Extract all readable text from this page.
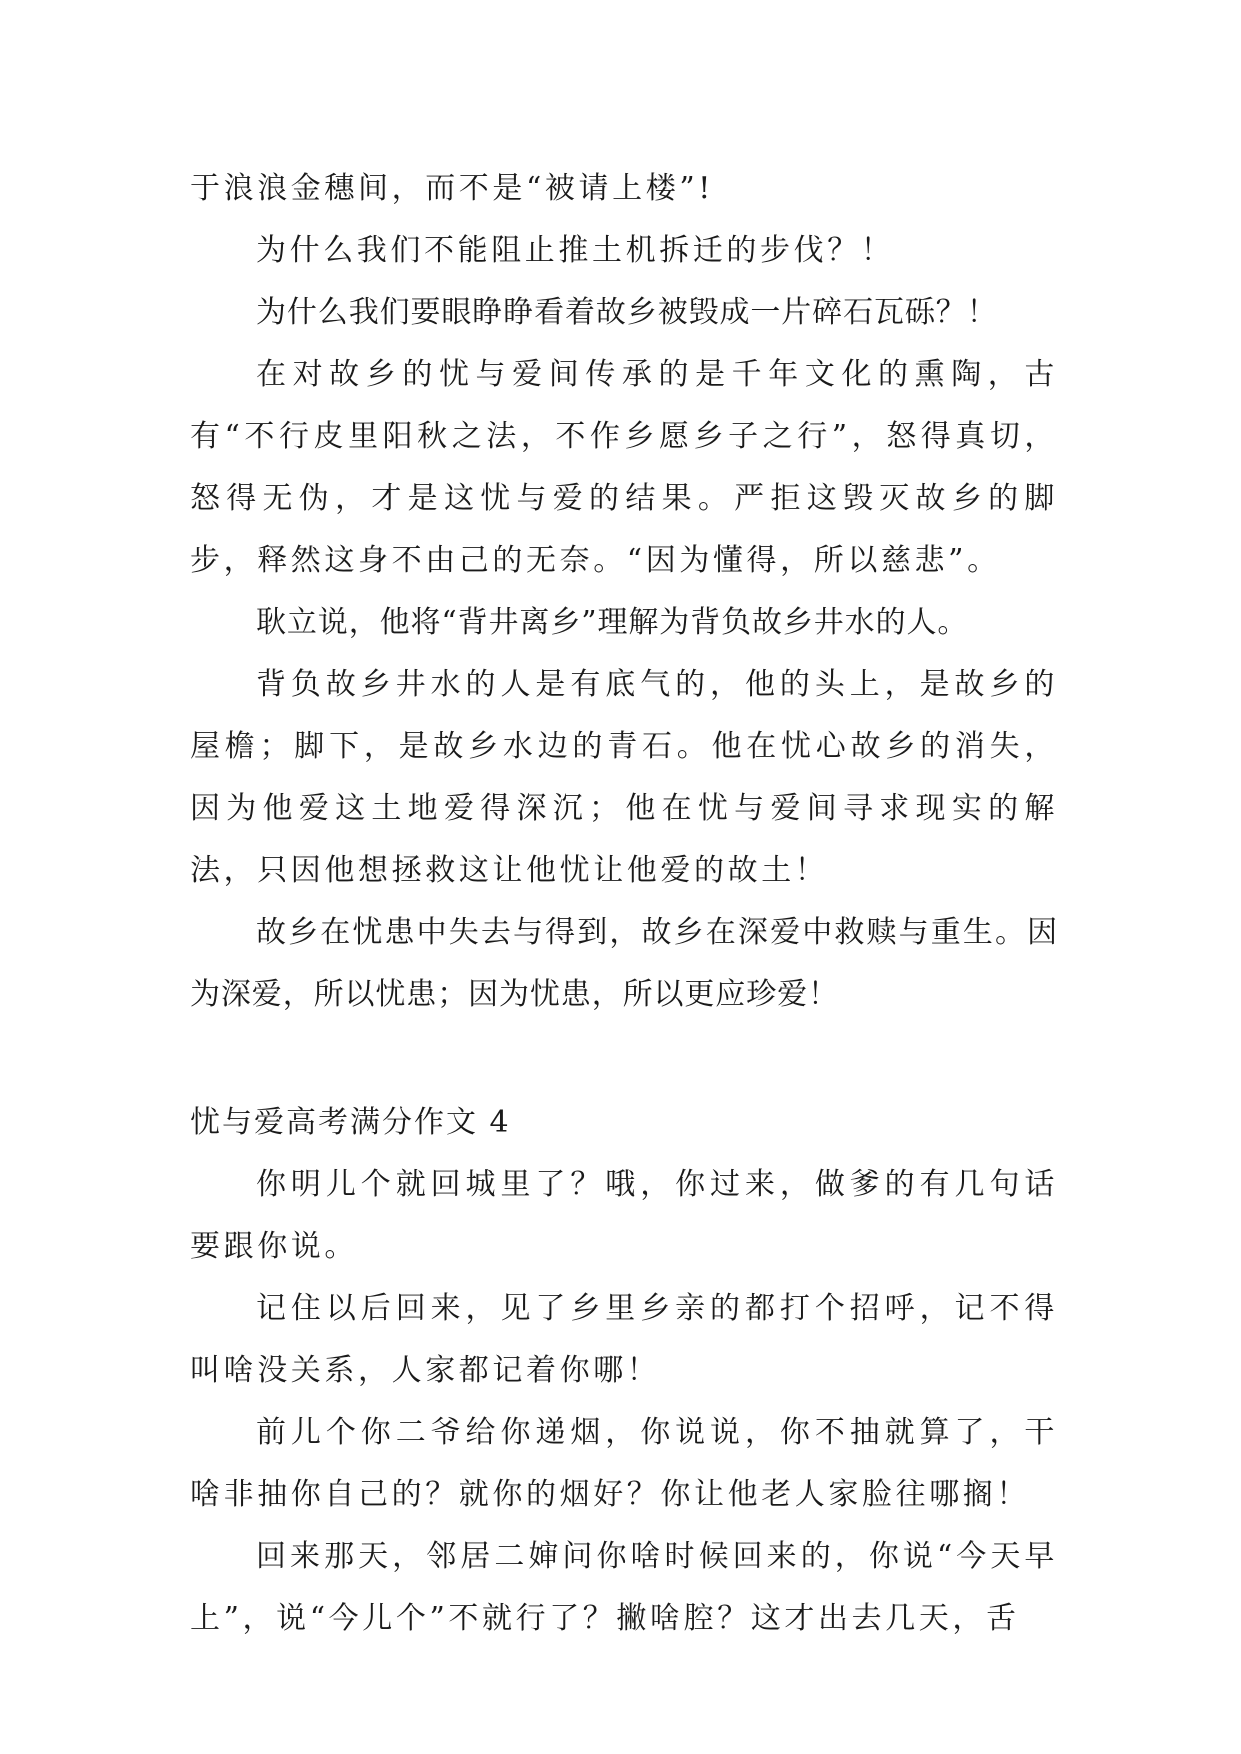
于浪浪金穗间，而不是“被请上楼”!

为什么我们不能阻止推土机拆迁的步伐？！

为什么我们要眼睁睁看着故乡被毁成一片碎石瓦砾？！

在对故乡的忧与爱间传承的是千年文化的熏陶，古有“不行皮里阳秋之法，不作乡愿乡子之行”，怒得真切，怒得无伪，才是这忧与爱的结果。严拒这毁灭故乡的脚步，释然这身不由己的无奈。“因为懂得，所以慈悲”。

耿立说，他将“背井离乡”理解为背负故乡井水的人。

背负故乡井水的人是有底气的，他的头上，是故乡的屋檐；脚下，是故乡水边的青石。他在忧心故乡的消失，因为他爱这土地爱得深沉；他在忧与爱间寻求现实的解法，只因他想拯救这让他忧让他爱的故土！

故乡在忧患中失去与得到，故乡在深爱中救赎与重生。因为深爱，所以忧患；因为忧患，所以更应珍爱！

忧与爱高考满分作文 4

你明儿个就回城里了？哦，你过来，做爹的有几句话要跟你说。

记住以后回来，见了乡里乡亲的都打个招呼，记不得叫啥没关系，人家都记着你哪！

前儿个你二爷给你递烟，你说说，你不抽就算了，干啥非抽你自己的？就你的烟好？你让他老人家脸往哪搁！

回来那天，邻居二婶问你啥时候回来的，你说“今天早上”，说“今儿个”不就行了？撇啥腔？这才出去几天，舌
